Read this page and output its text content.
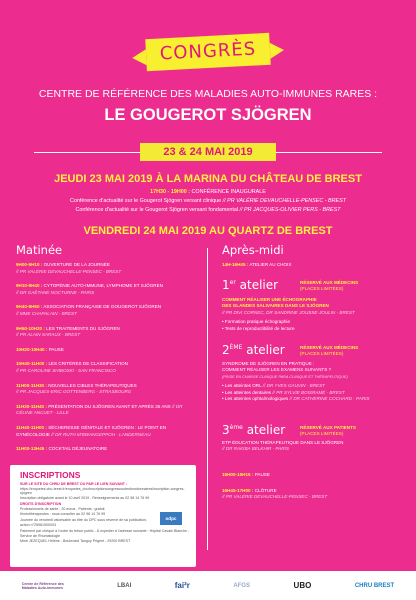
CONGRÈS
CENTRE DE RÉFÉRENCE DES MALADIES AUTO-IMMUNES RARES :
LE GOUGEROT SJÖGREN
23 & 24 MAI 2019
JEUDI 23 MAI 2019 À LA MARINA DU CHÂTEAU DE BREST
17H30 - 19H00 : CONFÉRENCE INAUGURALE
Conférence d'actualité sur le Gougerot Sjögren versant clinique // PR VALÉRIE DEVAUCHELLE-PENSEC - BREST
Conférence d'actualité sur le Gougerot Sjögren versant fondamental // PR JACQUES-OLIVIER PERS - BREST
VENDREDI 24 MAI 2019 AU QUARTZ DE BREST
Matinée	Après-midi
9H00-9H10 : OUVERTURE DE LA JOURNÉE
// PR VALÉRIE DEVAUCHELLE-PENSEC - BREST
9H10-9H40 : CYTOPÉNIE AUTO-IMMUNE, LYMPHOME ET SJÖGREN
// DR GAËTANE NOCTURNE - PARIS
9H40-9H50 : ASSOCIATION FRANÇAISE DE GOUGEROT SJÖGREN
// MME CHAPALAIN - BREST
9H50-10H20 : LES TRAITEMENTS DU SJÖGREN
// PR ALAIN SARAUX - BREST
10H20-10H40 : PAUSE
10H40-11H00 : LES CRITÈRES DE CLASSIFICATION
// PR CAROLINE SHIBOSKI - SAN FRANCISCO
11H00-11H30 : NOUVELLES CIBLES THÉRAPEUTIQUES
// PR JACQUES-ERIC GOTTENBERG - STRASBOURG
11H30-11H40 : PRÉSENTATION DU SJÖGREN AVANT ET APRÈS 35 ANS // DR CÉLINE ANCUET - LILLE
11H40-11H00 : SÉCHERESSE GÉNITALE ET SJÖGREN : LE POINT EN GYNÉCOLOGIE // DR RUTH M'BWANGEPPOH - LANDERNEAU
11H00-13H45 : COCKTAIL DÉJEUNATOIRE
INSCRIPTIONS
SUR LE SITE DU CHRU DE BREST OU PAR LE LIEN SUIVANT :
https://enquetes.chu-brest.fr/enquetes_chu/inscriptioncongressoudesfonctionnaires/inscription-congres-sjogren
Inscription obligatoire avant le 10 avril 2019 - Renseignements au 02 98 14 76 99
DROITS D'INSCRIPTION
Professionnels de santé : 20 euros - Patients : gratuit
Kinésithérapeutes : nous consulter au 02 98 14 76 99
Journée du vendredi valorisable au titre du DPC sous réserve de sa publication, action n°25961900003
Paiement par chèque à l'ordre du trésor public - À expédier à l'adresse suivante : Hôpital Cavale Blanche - Service de Rhumatologie
Mme JEZEQUEL Hélène - Boulevard Tanguy Prigent - 29200 BREST
odpc
14H-16H45 : ATELIER AU CHOIX
1er atelier	RÉSERVÉ AUX MÉDECINS
(PLACES LIMITÉES)
COMMENT RÉALISER UNE ÉCHOGRAPHIE
DES GLANDES SALIVAIRES DANS LE SJÖGREN
// PR DIVI CORNEC, DR SANDRINE JOUSSE-JOULIN - BREST
• Formation pratique échographie
• Tests de reproductibilité de lecture
2ÈME atelier	RÉSERVÉ AUX MÉDECINS
(PLACES LIMITÉES)
SYNDROME DE SJÖGREN EN PRATIQUE :
COMMENT RÉALISER LES EXAMENS SUIVANTS ?
(PRISE EN CHARGE CLINIQUE PARA CLINIQUE ET THÉRAPEUTIQUE)
• Les atteintes ORL // DR YVES GAUVIN - BREST
• Les atteintes dentaires // PR SYLVIE BOISRAMÉ - BREST
• Les atteintes ophtalmologiques // DR CATHERINE COCHARD - PARIS
3ème atelier	RÉSERVÉ AUX PATIENTS
(PLACES LIMITÉES)
ETP ÉDUCATION THÉRAPEUTIQUE DANS LE SJÖGREN
// DR RAKIBA BELKHIR - PARIS
15H00-15H15 : PAUSE
16H45-17H00 : CLÔTURE
// PR VALÉRIE DEVAUCHELLE-PENSEC - BREST
Centre de Référence des Maladies Auto-immunes	LBAI	fai²r	AFGS	UBO	CHRU BREST
